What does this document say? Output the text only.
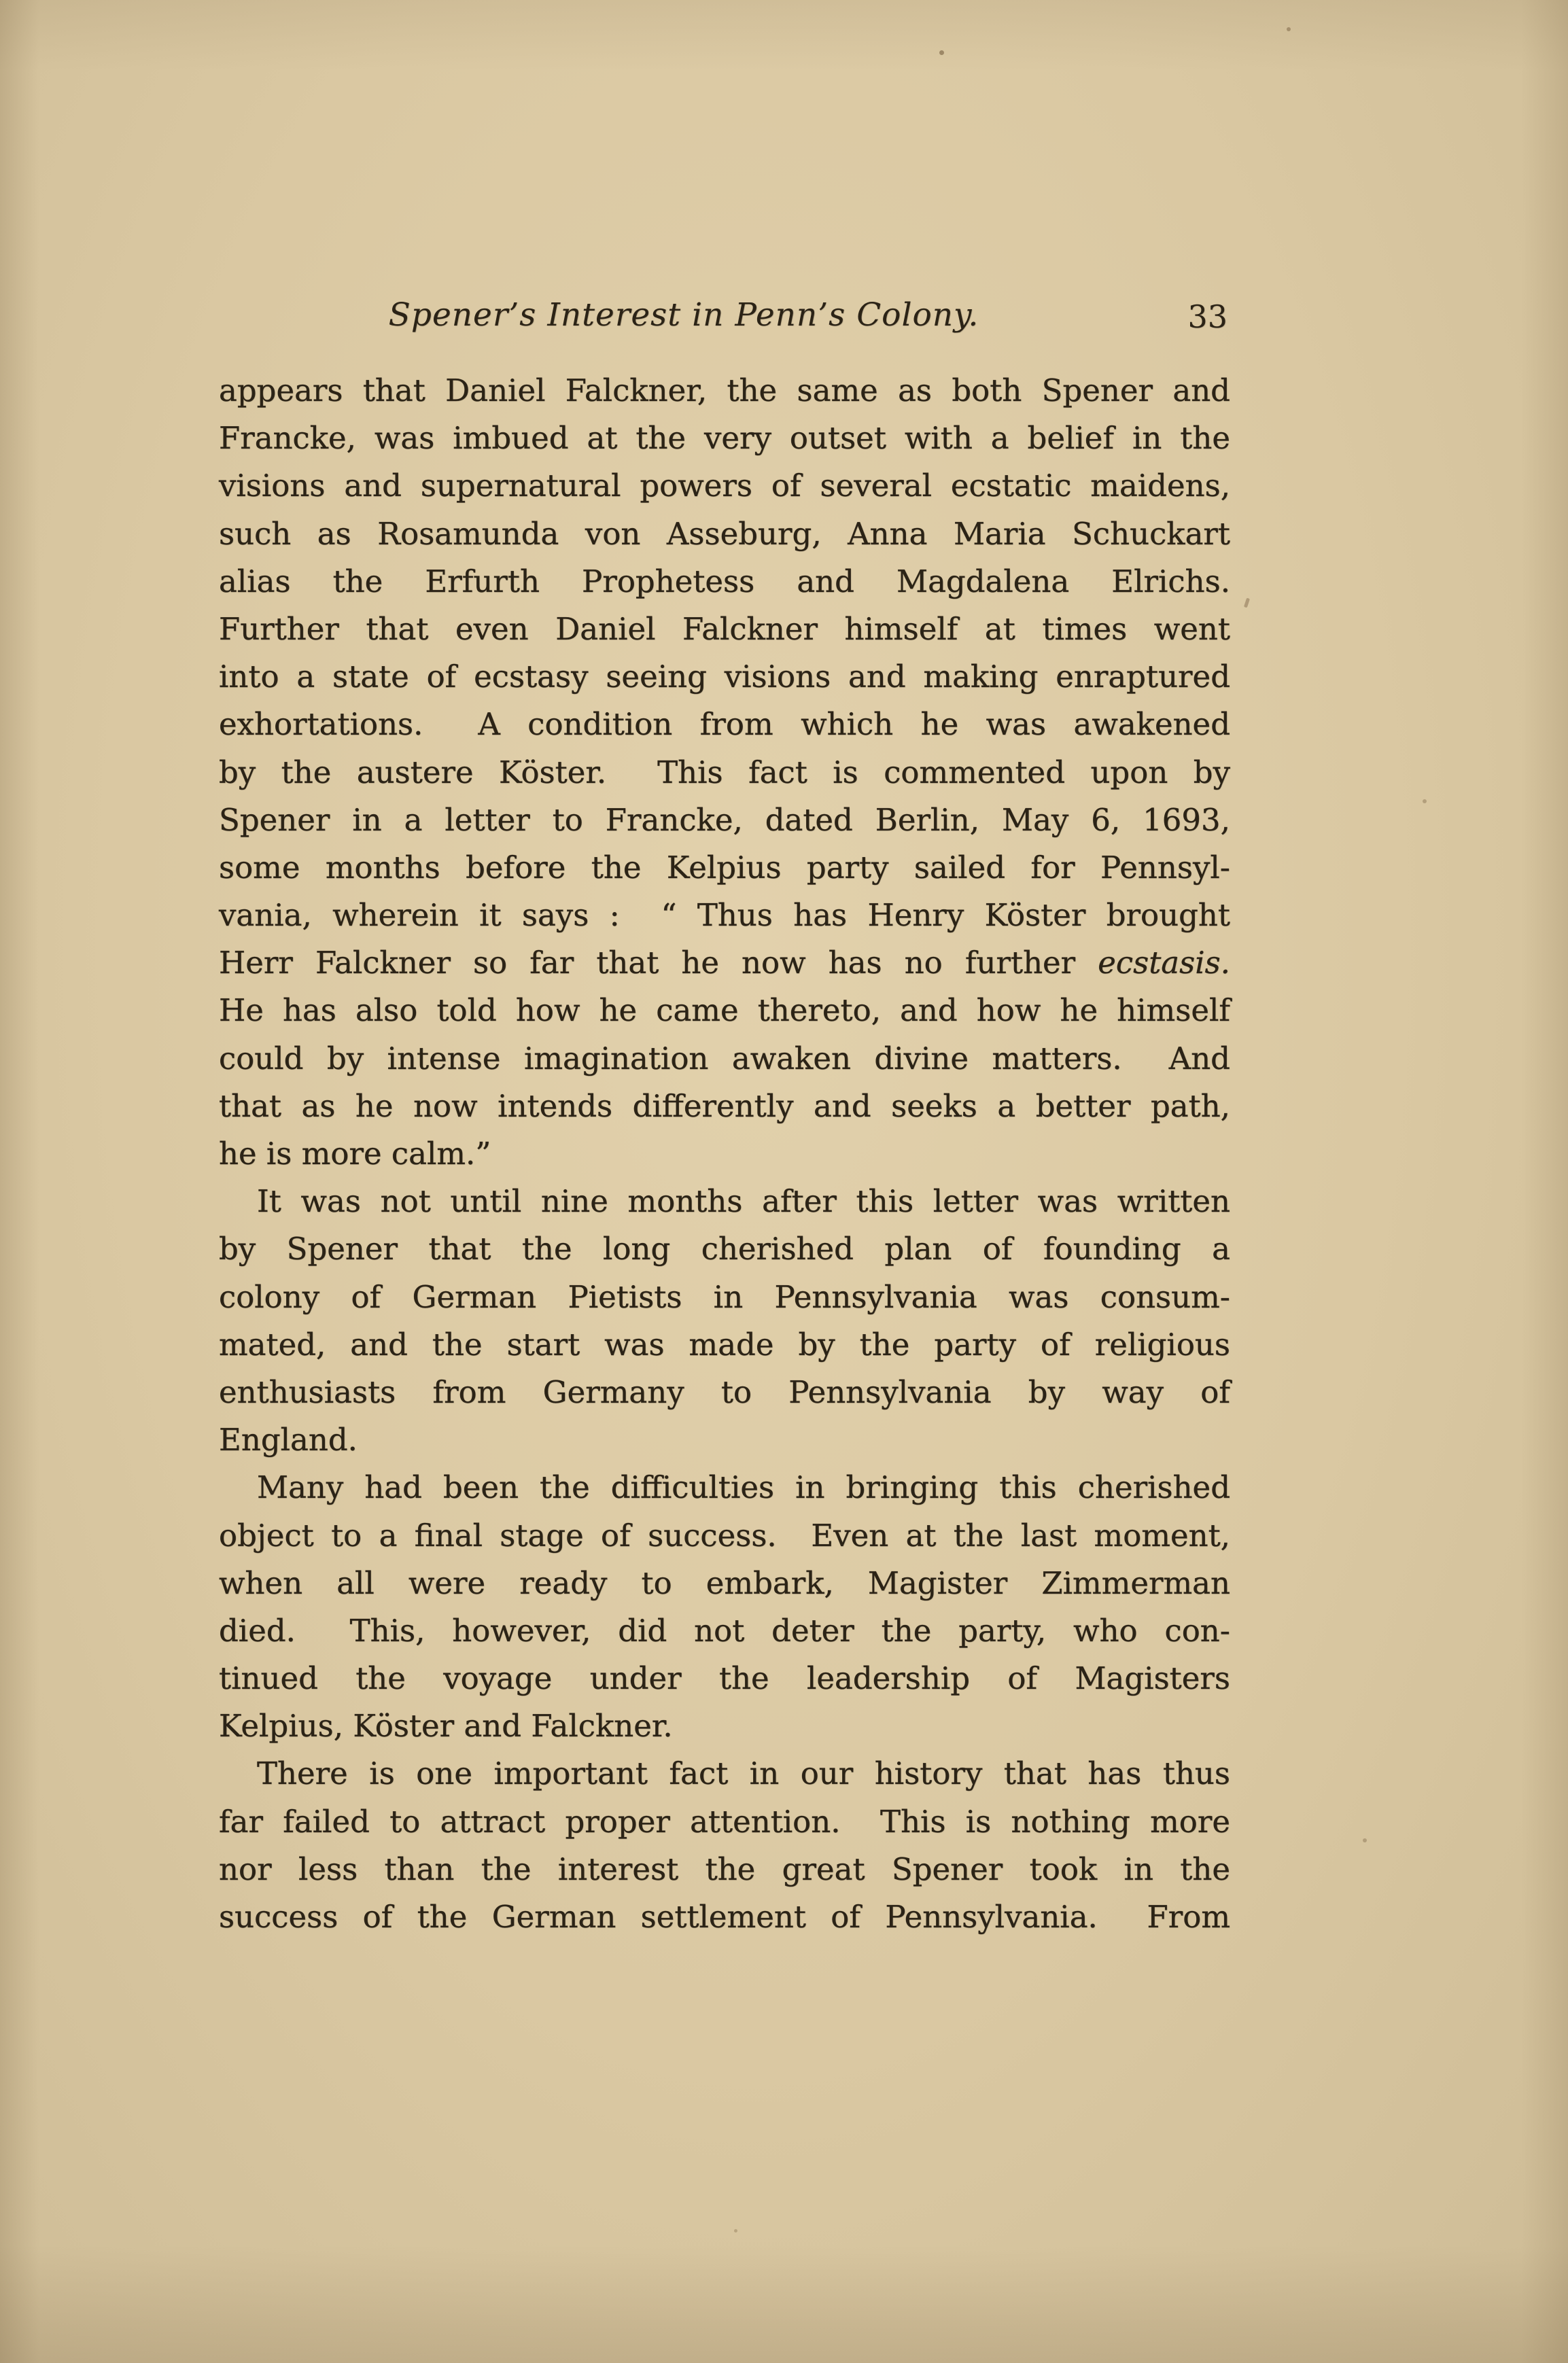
Spener’s Interest in Penn’s Colony.	33
appears that Daniel Falckner, the same as both Spener and
Francke, was imbued at the very outset with a belief in the
visions and supernatural powers of several ecstatic maidens,
such as Rosamunda von Asseburg, Anna Maria Schuckart
alias the Erfurth Prophetess and Magdalena Elrichs.
Further that even Daniel Falckner himself at times went
into a state of ecstasy seeing visions and making enraptured
exhortations.  A condition from which he was awakened
by the austere Köster.  This fact is commented upon by
Spener in a letter to Francke, dated Berlin, May 6, 1693,
some months before the Kelpius party sailed for Pennsyl-
vania, wherein it says :  “ Thus has Henry Köster brought
Herr Falckner so far that he now has no further ecstasis.
He has also told how he came thereto, and how he himself
could by intense imagination awaken divine matters.  And
that as he now intends differently and seeks a better path,
he is more calm.”
It was not until nine months after this letter was written
by Spener that the long cherished plan of founding a
colony of German Pietists in Pennsylvania was consum-
mated, and the start was made by the party of religious
enthusiasts from Germany to Pennsylvania by way of
England.
Many had been the difficulties in bringing this cherished
object to a final stage of success.  Even at the last moment,
when all were ready to embark, Magister Zimmerman
died.  This, however, did not deter the party, who con-
tinued the voyage under the leadership of Magisters
Kelpius, Köster and Falckner.
There is one important fact in our history that has thus
far failed to attract proper attention.  This is nothing more
nor less than the interest the great Spener took in the
success of the German settlement of Pennsylvania.  From
